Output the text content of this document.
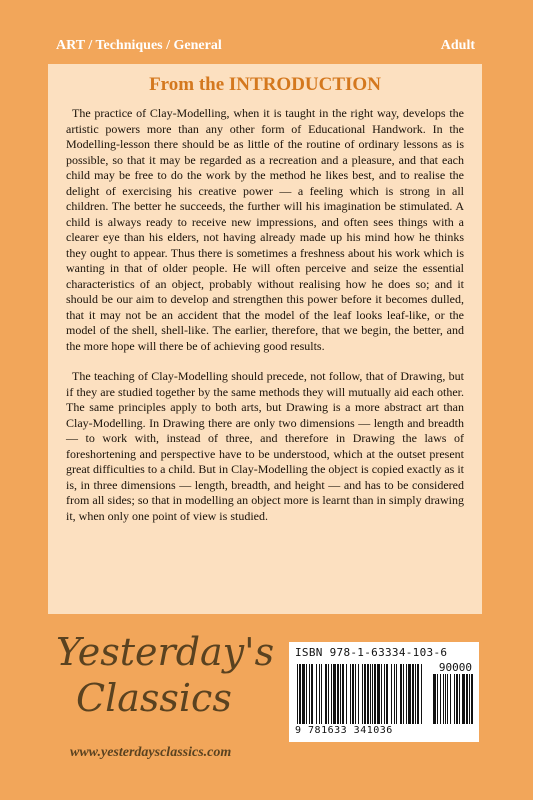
ART / Techniques / General	Adult
From the INTRODUCTION

The practice of Clay-Modelling, when it is taught in the right way, develops the artistic powers more than any other form of Educational Handwork. In the Modelling-lesson there should be as little of the routine of ordinary lessons as is possible, so that it may be regarded as a recreation and a pleasure, and that each child may be free to do the work by the method he likes best, and to realise the delight of exercising his creative power — a feeling which is strong in all children. The better he succeeds, the further will his imagination be stimulated. A child is always ready to receive new impressions, and often sees things with a clearer eye than his elders, not having already made up his mind how he thinks they ought to appear. Thus there is sometimes a freshness about his work which is wanting in that of older people. He will often perceive and seize the essential characteristics of an object, probably without realising how he does so; and it should be our aim to develop and strengthen this power before it becomes dulled, that it may not be an accident that the model of the leaf looks leaf-like, or the model of the shell, shell-like. The earlier, therefore, that we begin, the better, and the more hope will there be of achieving good results.

The teaching of Clay-Modelling should precede, not follow, that of Drawing, but if they are studied together by the same methods they will mutually aid each other. The same principles apply to both arts, but Drawing is a more abstract art than Clay-Modelling. In Drawing there are only two dimensions — length and breadth — to work with, instead of three, and therefore in Drawing the laws of foreshortening and perspective have to be understood, which at the outset present great difficulties to a child. But in Clay-Modelling the object is copied exactly as it is, in three dimensions — length, breadth, and height — and has to be considered from all sides; so that in modelling an object more is learnt than in simply drawing it, when only one point of view is studied.

Yesterday's
Classics
www.yesterdaysclassics.com
ISBN 978-1-63334-103-6
90000
9 781633 341036
